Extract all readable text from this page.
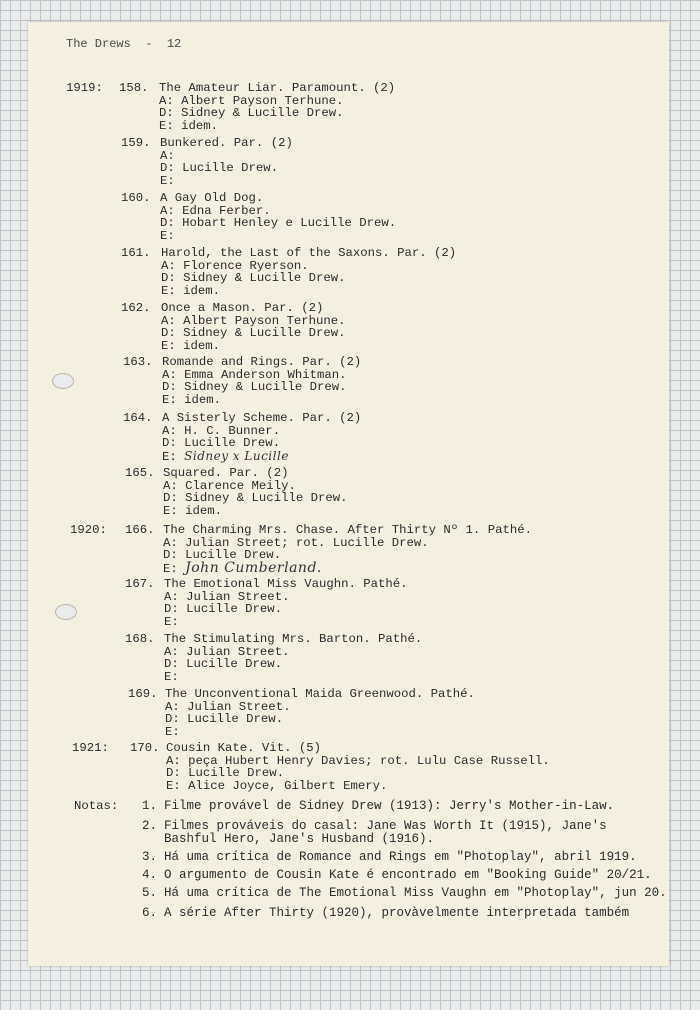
The Drews  -  12
1919:
1920:
1921:
158. The Amateur Liar. Paramount. (2)
A: Albert Payson Terhune.
D: Sidney & Lucille Drew.
E: idem.
159. Bunkered. Par. (2)
A:
D: Lucille Drew.
E:
160. A Gay Old Dog.
A: Edna Ferber.
D: Hobart Henley e Lucille Drew.
E:
161. Harold, the Last of the Saxons. Par. (2)
A: Florence Ryerson.
D: Sidney & Lucille Drew.
E: idem.
162. Once a Mason. Par. (2)
A: Albert Payson Terhune.
D: Sidney & Lucille Drew.
E: idem.
163. Romande and Rings. Par. (2)
A: Emma Anderson Whitman.
D: Sidney & Lucille Drew.
E: idem.
164. A Sisterly Scheme. Par. (2)
A: H. C. Bunner.
D: Lucille Drew.
E: Sidney x Lucille
165. Squared. Par. (2)
A: Clarence Meily.
D: Sidney & Lucille Drew.
E: idem.
166. The Charming Mrs. Chase. After Thirty Nº 1. Pathé.
A: Julian Street; rot. Lucille Drew.
D: Lucille Drew.
E: John Cumberland.
167. The Emotional Miss Vaughn. Pathé.
A: Julian Street.
D: Lucille Drew.
E:
168. The Stimulating Mrs. Barton. Pathé.
A: Julian Street.
D: Lucille Drew.
E:
169. The Unconventional Maida Greenwood. Pathé.
A: Julian Street.
D: Lucille Drew.
E:
170. Cousin Kate. Vit. (5)
A: peça Hubert Henry Davies; rot. Lulu Case Russell.
D: Lucille Drew.
E: Alice Joyce, Gilbert Emery.
Notas: 1. Filme provável de Sidney Drew (1913): Jerry's Mother-in-Law.
2. Filmes prováveis do casal: Jane Was Worth It (1915), Jane's
Bashful Hero, Jane's Husband (1916).
3. Há uma crítica de Romance and Rings em "Photoplay", abril 1919.
4. O argumento de Cousin Kate é encontrado em "Booking Guide" 20/21.
5. Há uma crítica de The Emotional Miss Vaughn em "Photoplay", jun 20.
6. A série After Thirty (1920), provàvelmente interpretada também
